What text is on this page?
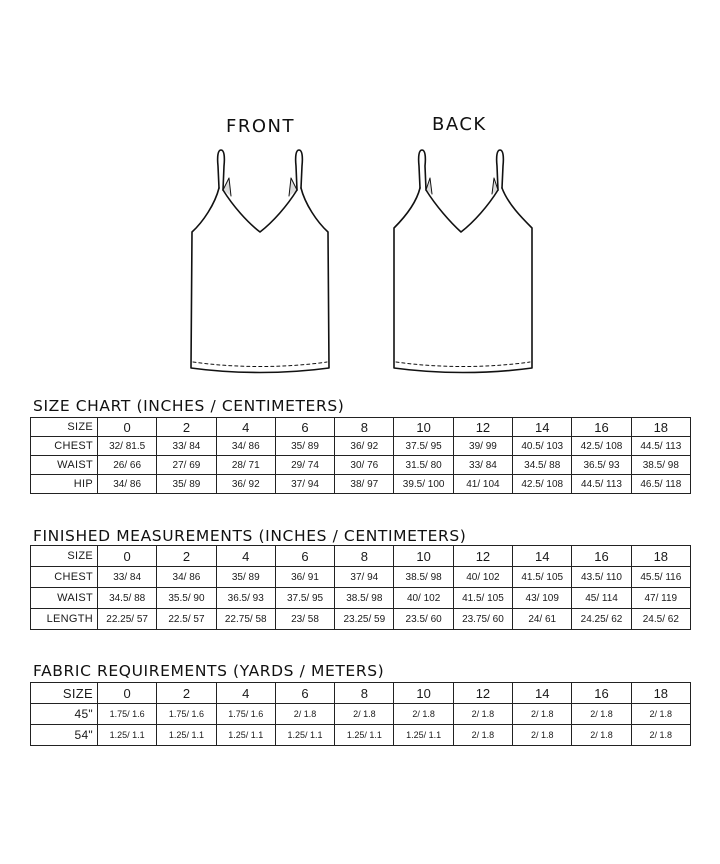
FRONT	BACK
SIZE CHART (INCHES / CENTIMETERS)
SIZE	0	2	4	6	8	10	12	14	16	18
CHEST	32/ 81.5	33/ 84	34/ 86	35/ 89	36/ 92	37.5/ 95	39/ 99	40.5/ 103	42.5/ 108	44.5/ 113
WAIST	26/ 66	27/ 69	28/ 71	29/ 74	30/ 76	31.5/ 80	33/ 84	34.5/ 88	36.5/ 93	38.5/ 98
HIP	34/ 86	35/ 89	36/ 92	37/ 94	38/ 97	39.5/ 100	41/ 104	42.5/ 108	44.5/ 113	46.5/ 118
FINISHED MEASUREMENTS (INCHES / CENTIMETERS)
SIZE	0	2	4	6	8	10	12	14	16	18
CHEST	33/ 84	34/ 86	35/ 89	36/ 91	37/ 94	38.5/ 98	40/ 102	41.5/ 105	43.5/ 110	45.5/ 116
WAIST	34.5/ 88	35.5/ 90	36.5/ 93	37.5/ 95	38.5/ 98	40/ 102	41.5/ 105	43/ 109	45/ 114	47/ 119
LENGTH	22.25/ 57	22.5/ 57	22.75/ 58	23/ 58	23.25/ 59	23.5/ 60	23.75/ 60	24/ 61	24.25/ 62	24.5/ 62
FABRIC REQUIREMENTS (YARDS / METERS)
SIZE	0	2	4	6	8	10	12	14	16	18
45"	1.75/ 1.6	1.75/ 1.6	1.75/ 1.6	2/ 1.8	2/ 1.8	2/ 1.8	2/ 1.8	2/ 1.8	2/ 1.8	2/ 1.8
54"	1.25/ 1.1	1.25/ 1.1	1.25/ 1.1	1.25/ 1.1	1.25/ 1.1	1.25/ 1.1	2/ 1.8	2/ 1.8	2/ 1.8	2/ 1.8
